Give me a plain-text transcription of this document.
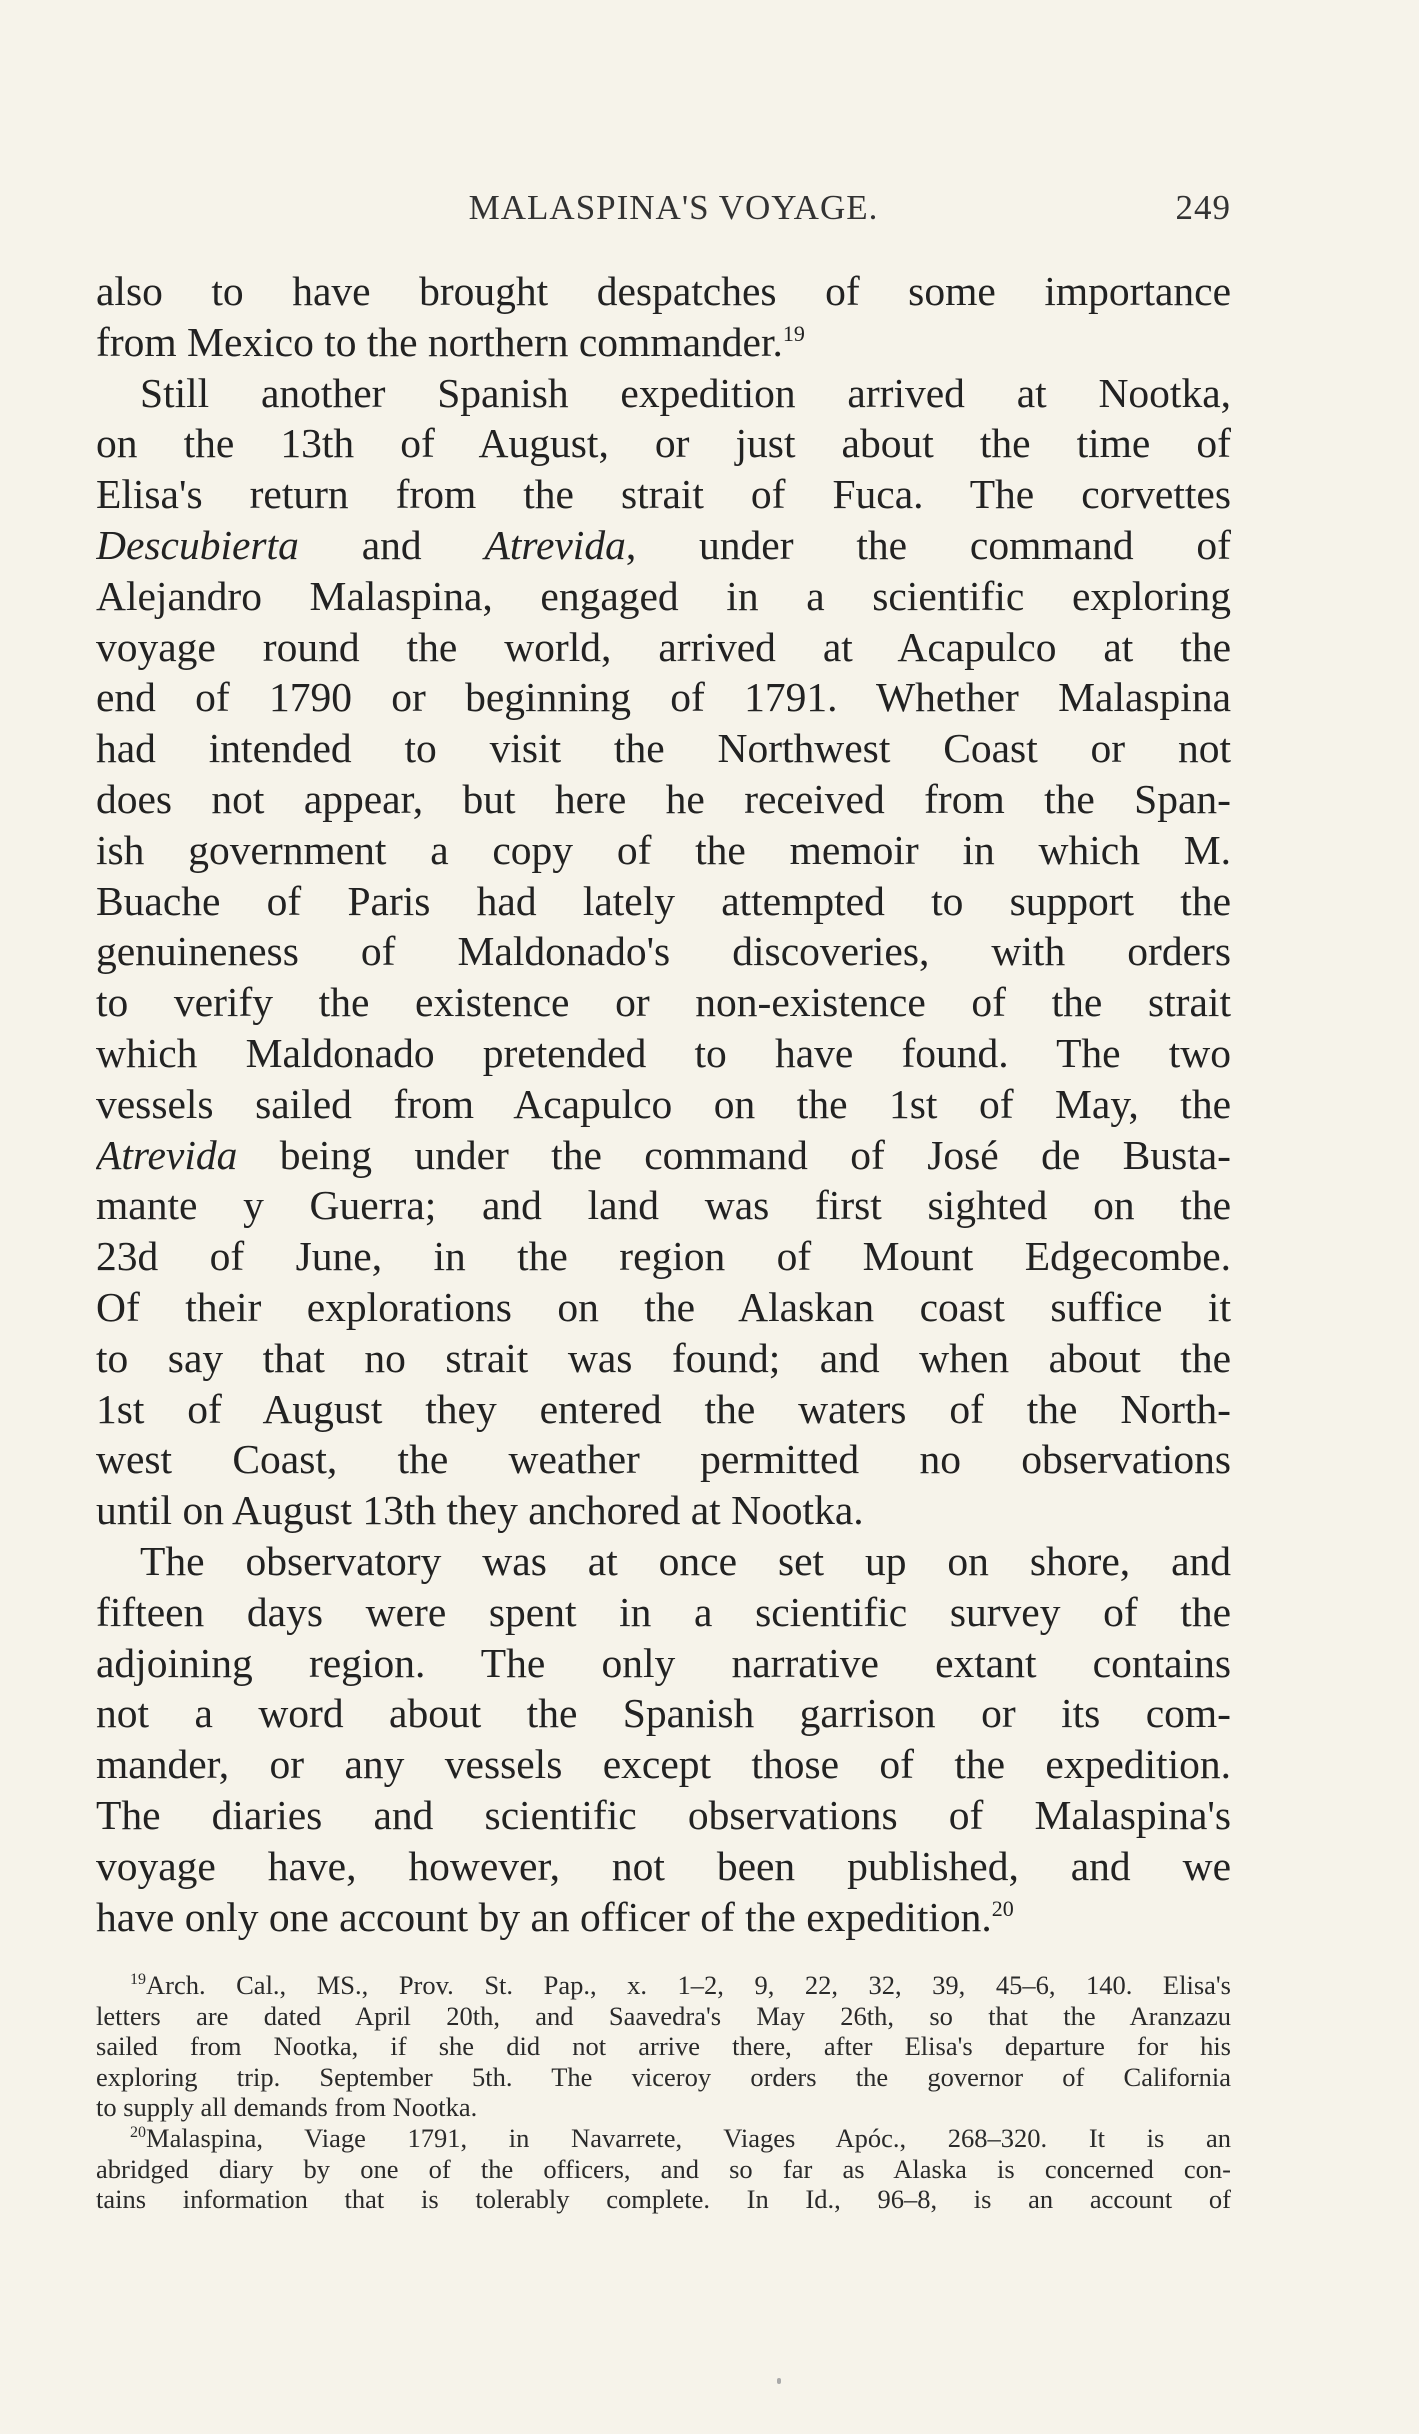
MALASPINA'S VOYAGE.	249
also to have brought despatches of some importance
from Mexico to the northern commander.$^{19}$
Still another Spanish expedition arrived at Nootka,
on the 13th of August, or just about the time of
Elisa's return from the strait of Fuca. The corvettes
Descubierta and Atrevida, under the command of
Alejandro Malaspina, engaged in a scientific exploring
voyage round the world, arrived at Acapulco at the
end of 1790 or beginning of 1791. Whether Malaspina
had intended to visit the Northwest Coast or not
does not appear, but here he received from the Span-
ish government a copy of the memoir in which M.
Buache of Paris had lately attempted to support the
genuineness of Maldonado's discoveries, with orders
to verify the existence or non-existence of the strait
which Maldonado pretended to have found. The two
vessels sailed from Acapulco on the 1st of May, the
Atrevida being under the command of José de Busta-
mante y Guerra; and land was first sighted on the
23d of June, in the region of Mount Edgecombe.
Of their explorations on the Alaskan coast suffice it
to say that no strait was found; and when about the
1st of August they entered the waters of the North-
west Coast, the weather permitted no observations
until on August 13th they anchored at Nootka.
The observatory was at once set up on shore, and
fifteen days were spent in a scientific survey of the
adjoining region. The only narrative extant contains
not a word about the Spanish garrison or its com-
mander, or any vessels except those of the expedition.
The diaries and scientific observations of Malaspina's
voyage have, however, not been published, and we
have only one account by an officer of the expedition.$^{20}$
$^{19}$Arch. Cal., MS., Prov. St. Pap., x. 1–2, 9, 22, 32, 39, 45–6, 140. Elisa's
letters are dated April 20th, and Saavedra's May 26th, so that the Aranzazu
sailed from Nootka, if she did not arrive there, after Elisa's departure for his
exploring trip. September 5th. The viceroy orders the governor of California
to supply all demands from Nootka.
$^{20}$Malaspina, Viage 1791, in Navarrete, Viages Apóc., 268–320. It is an
abridged diary by one of the officers, and so far as Alaska is concerned con-
tains information that is tolerably complete. In Id., 96–8, is an account of
